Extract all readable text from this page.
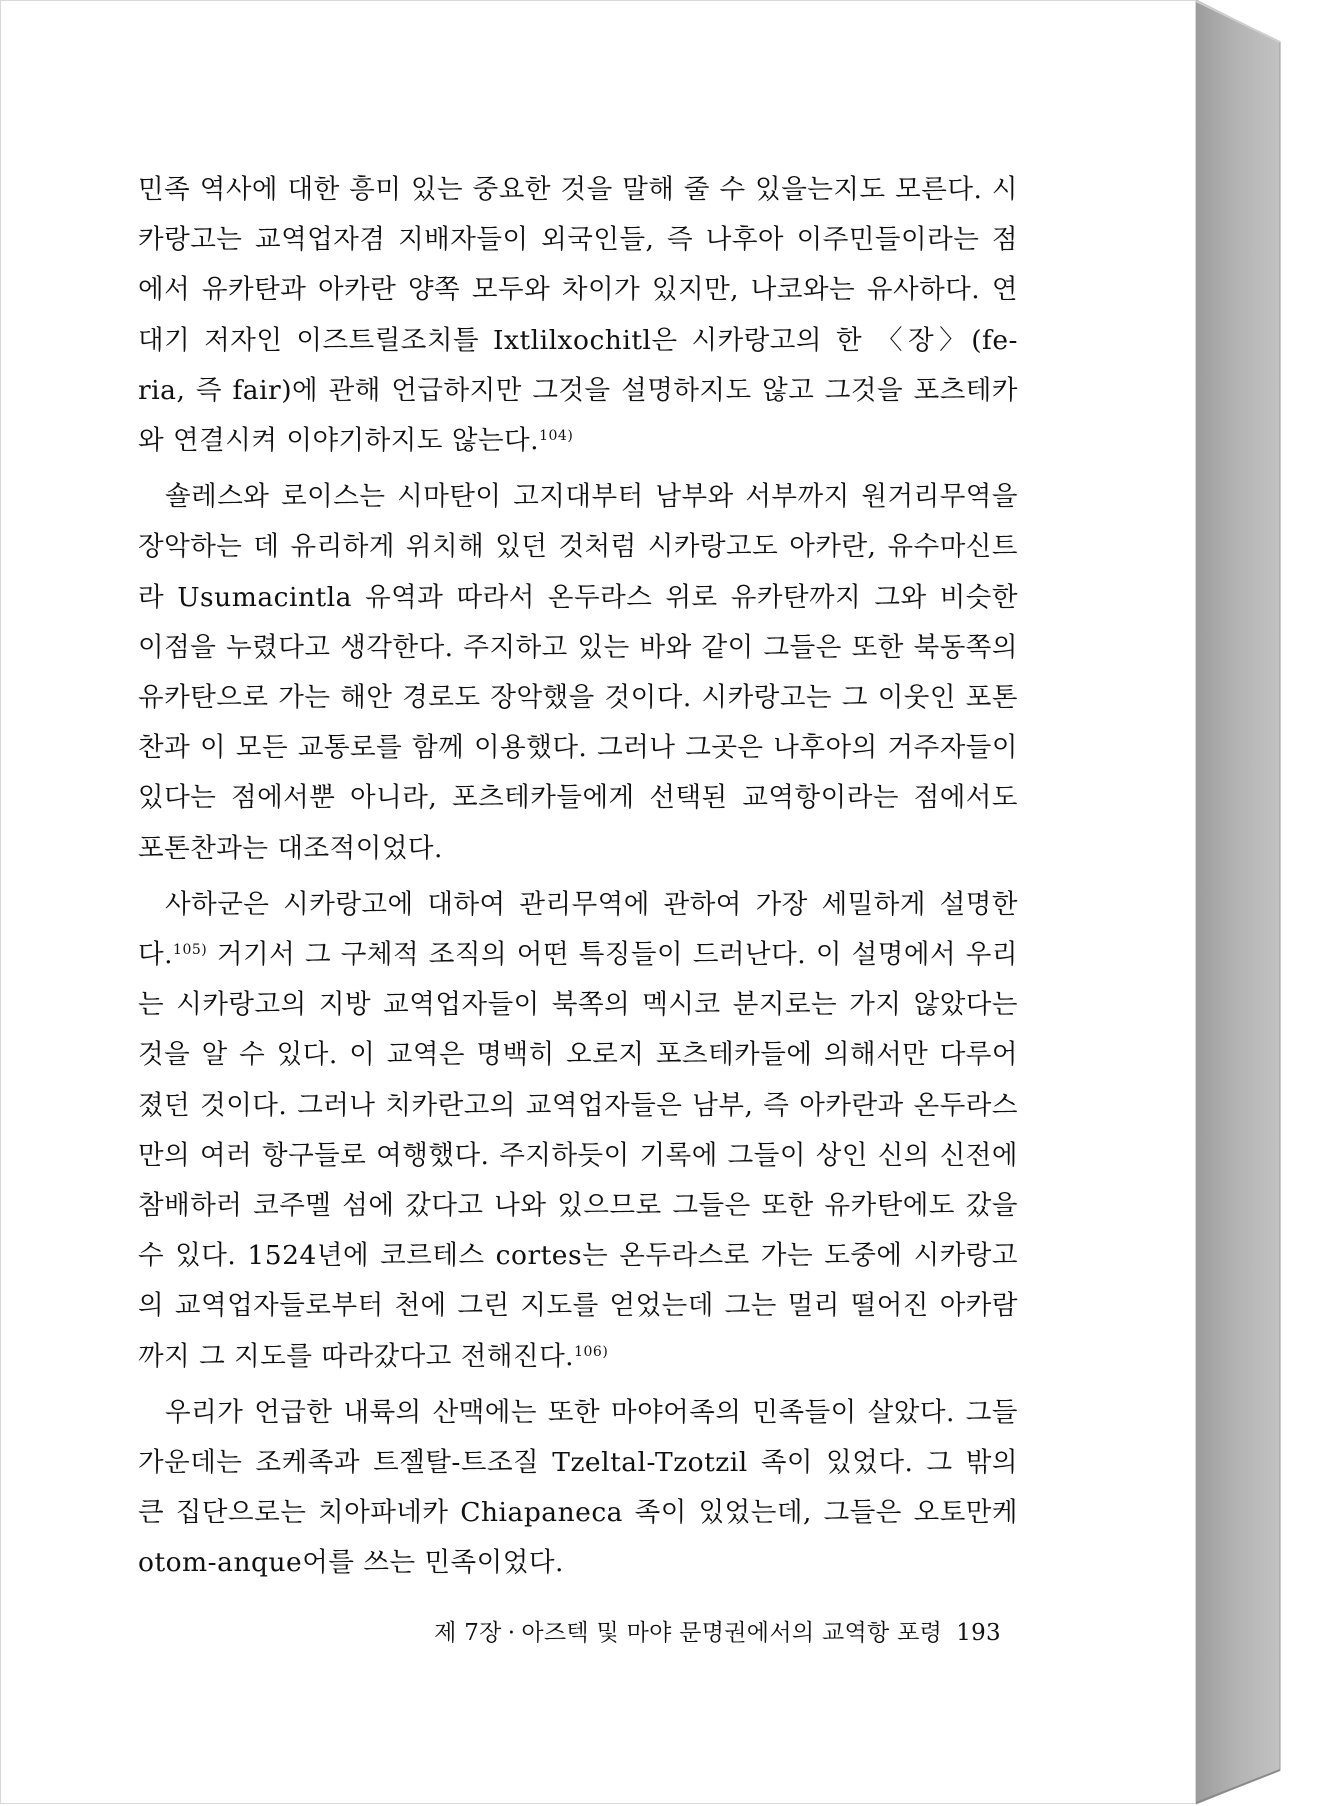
민족 역사에 대한 흥미 있는 중요한 것을 말해 줄 수 있을는지도 모른다. 시카랑고는 교역업자겸 지배자들이 외국인들, 즉 나후아 이주민들이라는 점에서 유카탄과 아카란 양쪽 모두와 차이가 있지만, 나코와는 유사하다. 연대기 저자인 이즈트릴조치틀 Ixtlilxochitl은 시카랑고의 한 〈장〉(fe-ria, 즉 fair)에 관해 언급하지만 그것을 설명하지도 않고 그것을 포츠테카와 연결시켜 이야기하지도 않는다.$^{104)}$

숄레스와 로이스는 시마탄이 고지대부터 남부와 서부까지 원거리무역을 장악하는 데 유리하게 위치해 있던 것처럼 시카랑고도 아카란, 유수마신트라 Usumacintla 유역과 따라서 온두라스 위로 유카탄까지 그와 비슷한 이점을 누렸다고 생각한다. 주지하고 있는 바와 같이 그들은 또한 북동쪽의 유카탄으로 가는 해안 경로도 장악했을 것이다. 시카랑고는 그 이웃인 포톤찬과 이 모든 교통로를 함께 이용했다. 그러나 그곳은 나후아의 거주자들이 있다는 점에서뿐 아니라, 포츠테카들에게 선택된 교역항이라는 점에서도 포톤찬과는 대조적이었다.

사하군은 시카랑고에 대하여 관리무역에 관하여 가장 세밀하게 설명한다.$^{105)}$ 거기서 그 구체적 조직의 어떤 특징들이 드러난다. 이 설명에서 우리는 시카랑고의 지방 교역업자들이 북쪽의 멕시코 분지로는 가지 않았다는 것을 알 수 있다. 이 교역은 명백히 오로지 포츠테카들에 의해서만 다루어졌던 것이다. 그러나 치카란고의 교역업자들은 남부, 즉 아카란과 온두라스 만의 여러 항구들로 여행했다. 주지하듯이 기록에 그들이 상인 신의 신전에 참배하러 코주멜 섬에 갔다고 나와 있으므로 그들은 또한 유카탄에도 갔을 수 있다. 1524년에 코르테스 cortes는 온두라스로 가는 도중에 시카랑고의 교역업자들로부터 천에 그린 지도를 얻었는데 그는 멀리 떨어진 아카람까지 그 지도를 따라갔다고 전해진다.$^{106)}$

우리가 언급한 내륙의 산맥에는 또한 마야어족의 민족들이 살았다. 그들가운데는 조케족과 트젤탈-트조질 Tzeltal-Tzotzil 족이 있었다. 그 밖의 큰 집단으로는 치아파네카 Chiapaneca 족이 있었는데, 그들은 오토만케 otom-anque어를 쓰는 민족이었다.

제 7장 · 아즈텍 및 마야 문명권에서의 교역항 포령 193
